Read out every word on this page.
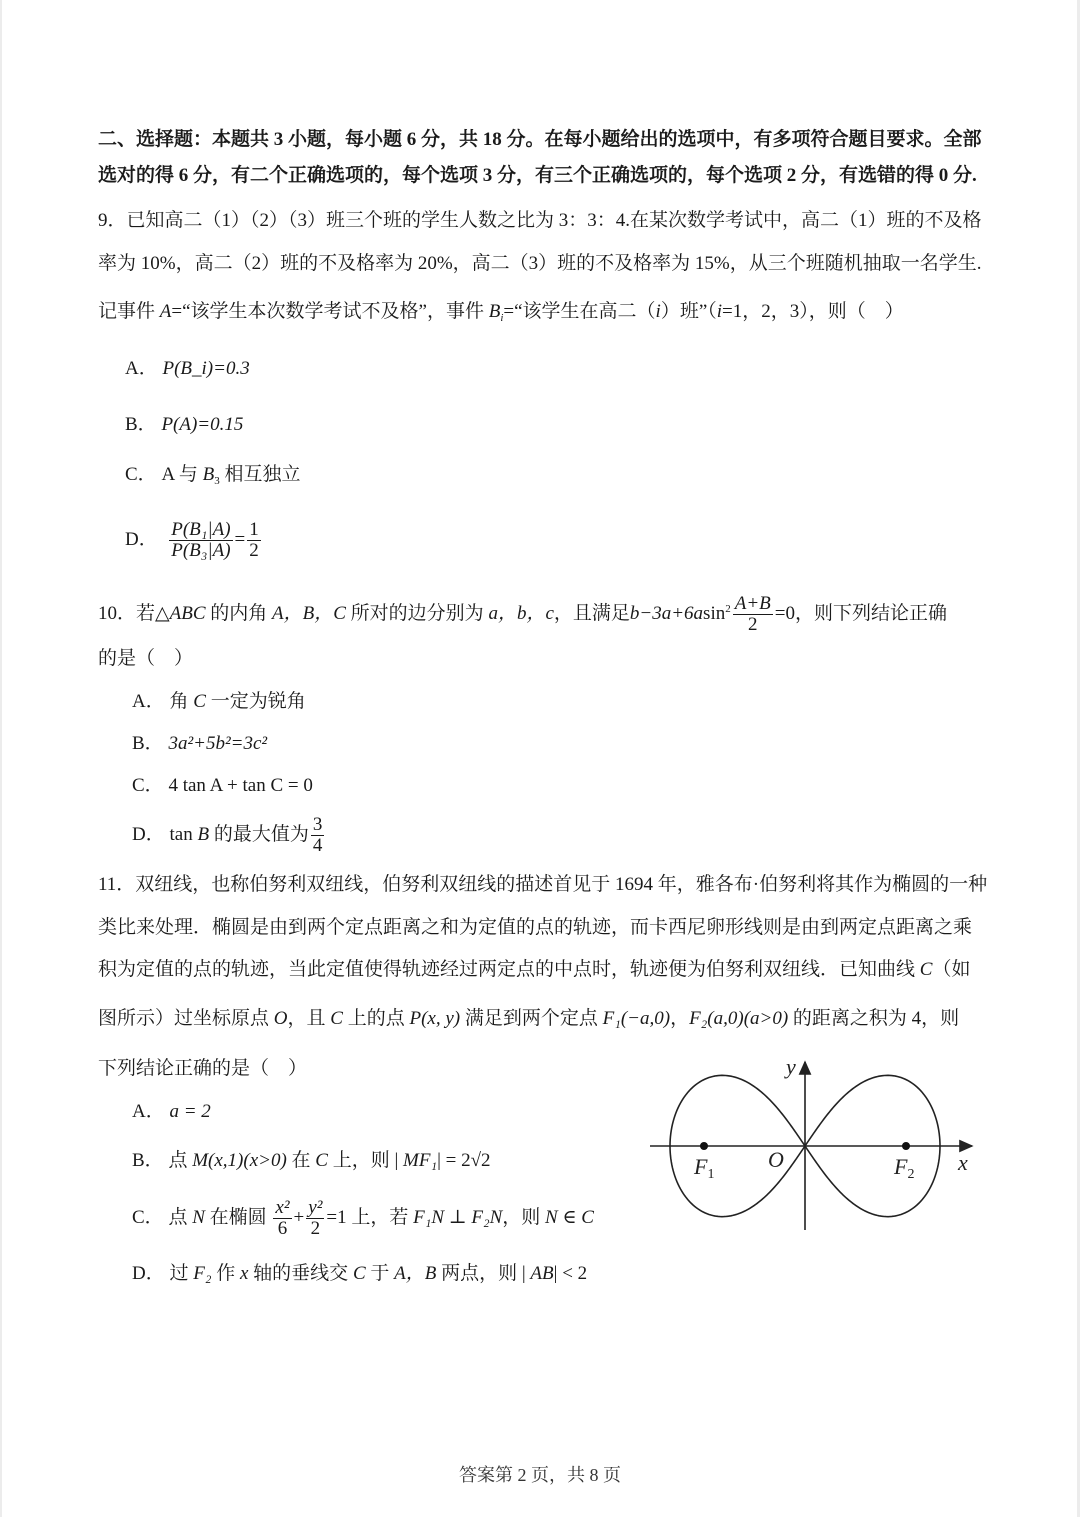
二、选择题：本题共 3 小题，每小题 6 分，共 18 分。在每小题给出的选项中，有多项符合题目要求。全部
选对的得 6 分，有二个正确选项的，每个选项 3 分，有三个正确选项的，每个选项 2 分，有选错的得 0 分.
9．已知高二（1）（2）（3）班三个班的学生人数之比为 3：3：4.在某次数学考试中，高二（1）班的不及格
率为 10%，高二（2）班的不及格率为 20%，高二（3）班的不及格率为 15%，从三个班随机抽取一名学生.
记事件 A=“该学生本次数学考试不及格”，事件 $B_i=“$该学生在高二（i）班”（i=1，2，3），则（　）
A． P(B_i)=0.3
B． P(A)=0.15
C． A 与 $B_3$ 相互独立
D． $\frac{\text{P(B₁|A)}}{\text{P(B₃|A)}} = \frac{1}{2}$
10．若△ABC 的内角 A，B，C 所对的边分别为 a，b，c，且满足$b-3a+6asin^2 \frac{A+B}{2} =0$，则下列结论正确
的是（　）
A． 角 C 一定为锐角
B． 3a²+5b²=3c²
C． 4 tan A + tan C = 0
D． tan B 的最大值为 $\frac{3}{4}$
11．双纽线，也称伯努利双纽线，伯努利双纽线的描述首见于 1694 年，雅各布·伯努利将其作为椭圆的一种
类比来处理．椭圆是由到两个定点距离之和为定值的点的轨迹，而卡西尼卵形线则是由到两定点距离之乘
积为定值的点的轨迹，当此定值使得轨迹经过两定点的中点时，轨迹便为伯努利双纽线．已知曲线 C（如
图所示）过坐标原点 O，且 C 上的点 P(x, y) 满足到两个定点 F₁(−a,0)，F₂(a,0)(a>0) 的距离之积为 4，则
下列结论正确的是（　）
A． a = 2
B． 点 M(x,1)(x>0) 在 C 上，则 | MF₁| = 2√2
C． 点 N 在椭圆 $\frac{\text{x²}}{6} + \frac{\text{y²}}{2} =1$ 上，若 F₁N ⊥ F₂N，则 N ∈ C
D． 过 F₂ 作 x 轴的垂线交 C 于 A，B 两点，则 | AB| < 2
y
x
O
F1	F2
答案第 2 页，共 8 页
